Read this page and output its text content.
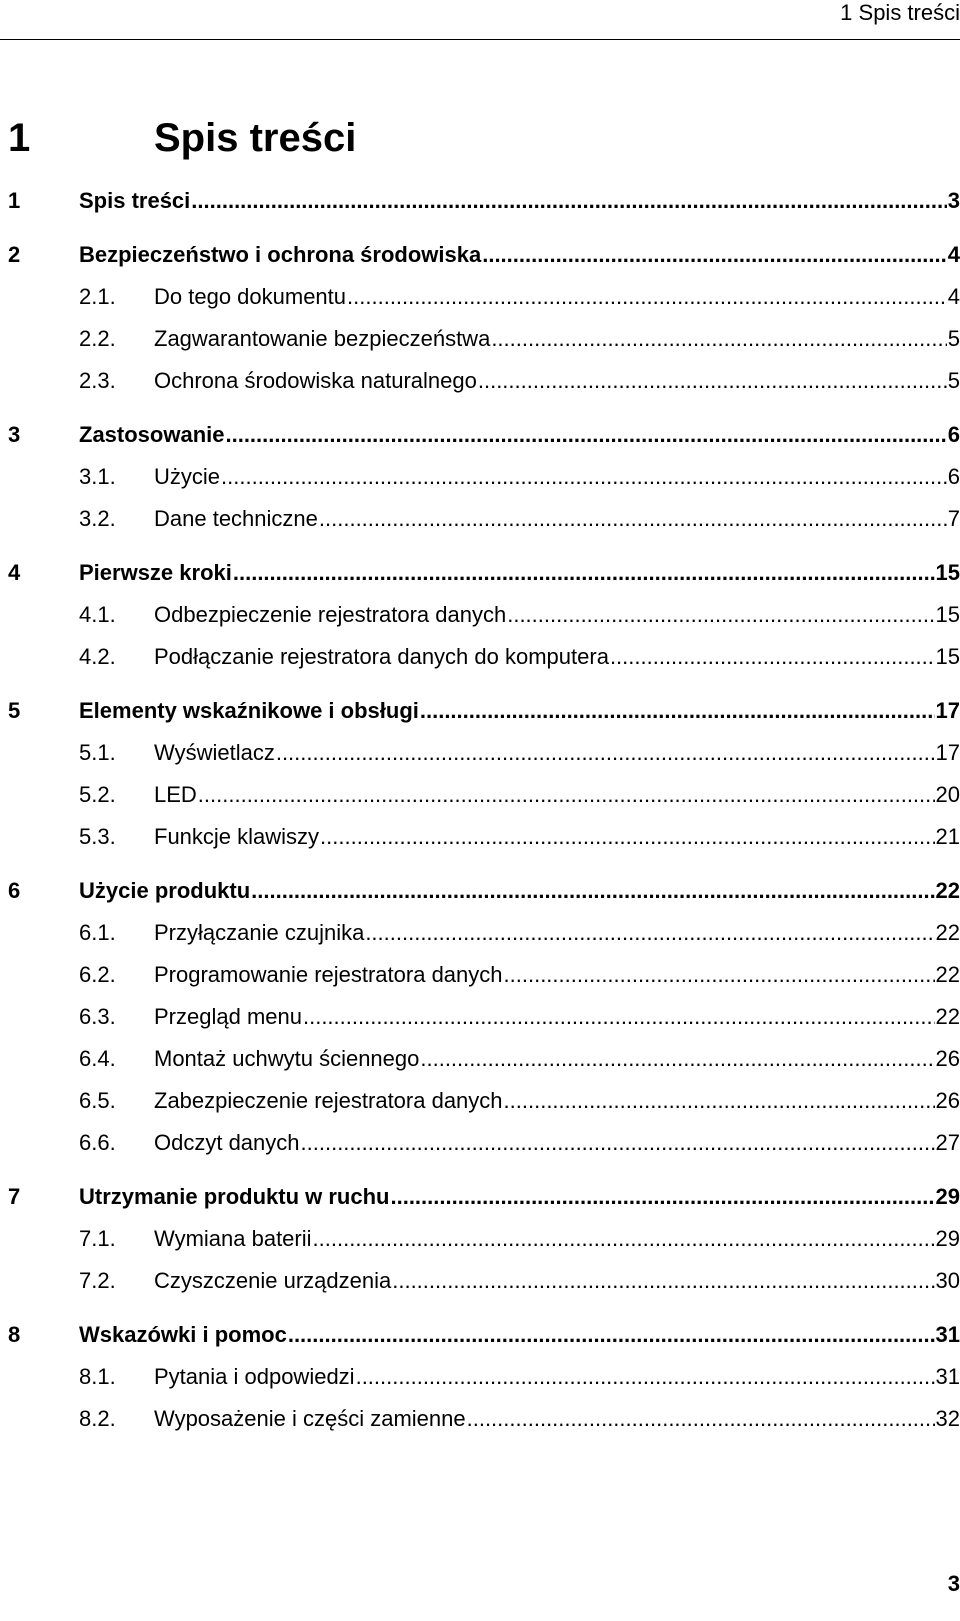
1 Spis treści
1	Spis treści
1	Spis treści .....	3
2	Bezpieczeństwo i ochrona środowiska .....	4
2.1. Do tego dokumentu .....	4
2.2. Zagwarantowanie bezpieczeństwa .....	5
2.3. Ochrona środowiska naturalnego .....	5
3	Zastosowanie .....	6
3.1. Użycie .....	6
3.2. Dane techniczne .....	7
4	Pierwsze kroki .....	15
4.1. Odbezpieczenie rejestratora danych .....	15
4.2. Podłączanie rejestratora danych do komputera .....	15
5	Elementy wskaźnikowe i obsługi .....	17
5.1. Wyświetlacz .....	17
5.2. LED .....	20
5.3. Funkcje klawiszy .....	21
6	Użycie produktu .....	22
6.1. Przyłączanie czujnika .....	22
6.2. Programowanie rejestratora danych .....	22
6.3. Przegląd menu .....	22
6.4. Montaż uchwytu ściennego .....	26
6.5. Zabezpieczenie rejestratora danych .....	26
6.6. Odczyt danych .....	27
7	Utrzymanie produktu w ruchu .....	29
7.1. Wymiana baterii .....	29
7.2. Czyszczenie urządzenia .....	30
8	Wskazówki i pomoc .....	31
8.1. Pytania i odpowiedzi .....	31
8.2. Wyposażenie i części zamienne .....	32
3
